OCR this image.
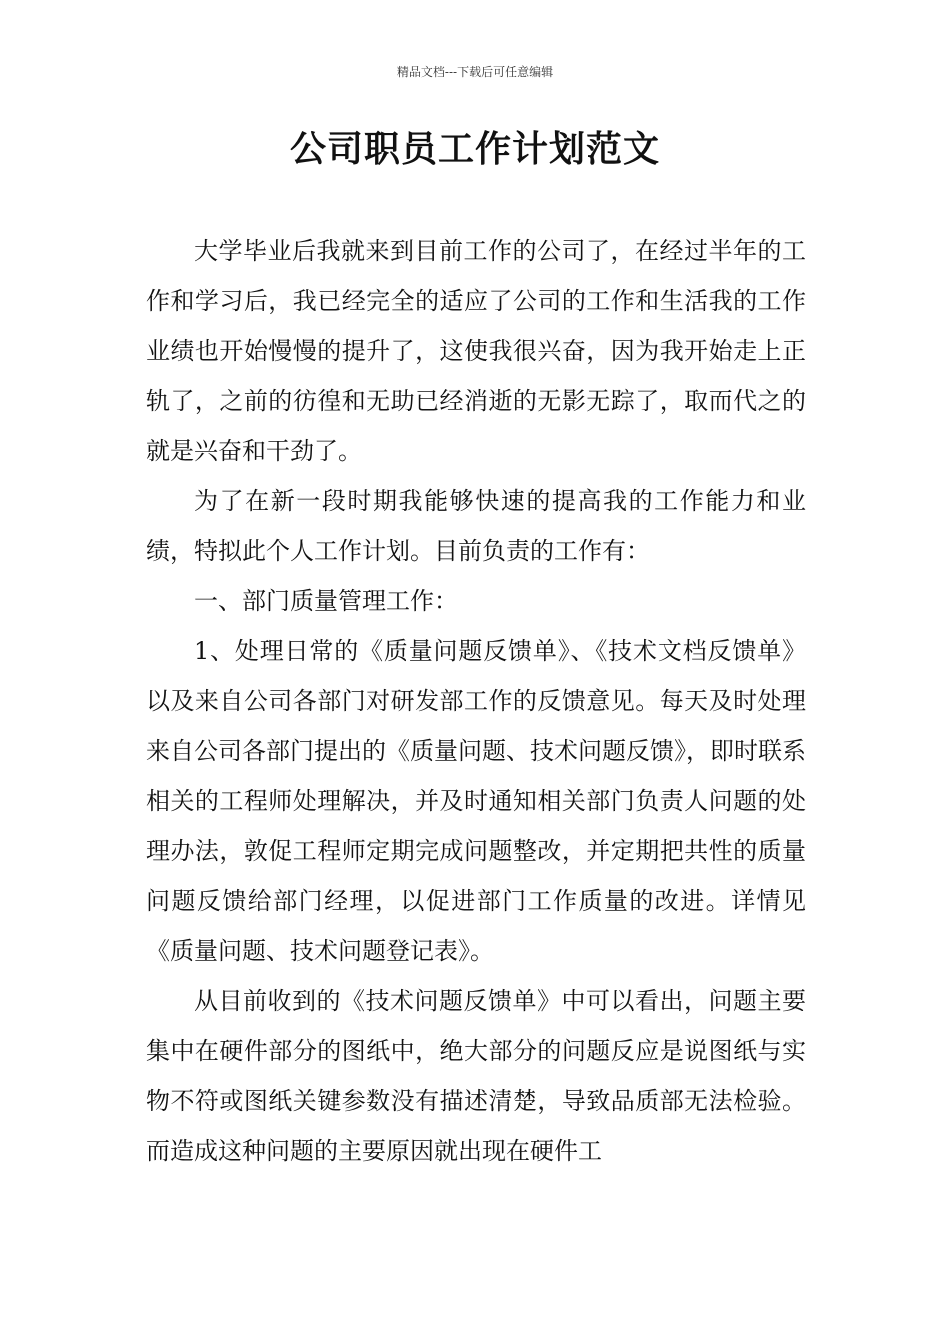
精品文档---下载后可任意编辑
公司职员工作计划范文

大学毕业后我就来到目前工作的公司了，在经过半年的工作和学习后，我已经完全的适应了公司的工作和生活我的工作业绩也开始慢慢的提升了，这使我很兴奋，因为我开始走上正轨了，之前的彷徨和无助已经消逝的无影无踪了，取而代之的就是兴奋和干劲了。

为了在新一段时期我能够快速的提高我的工作能力和业绩，特拟此个人工作计划。目前负责的工作有：

一、部门质量管理工作：

1、处理日常的《质量问题反馈单》、《技术文档反馈单》以及来自公司各部门对研发部工作的反馈意见。每天及时处理来自公司各部门提出的《质量问题、技术问题反馈》，即时联系相关的工程师处理解决，并及时通知相关部门负责人问题的处理办法，敦促工程师定期完成问题整改，并定期把共性的质量问题反馈给部门经理，以促进部门工作质量的改进。详情见《质量问题、技术问题登记表》。

从目前收到的《技术问题反馈单》中可以看出，问题主要集中在硬件部分的图纸中，绝大部分的问题反应是说图纸与实物不符或图纸关键参数没有描述清楚，导致品质部无法检验。而造成这种问题的主要原因就出现在硬件工
